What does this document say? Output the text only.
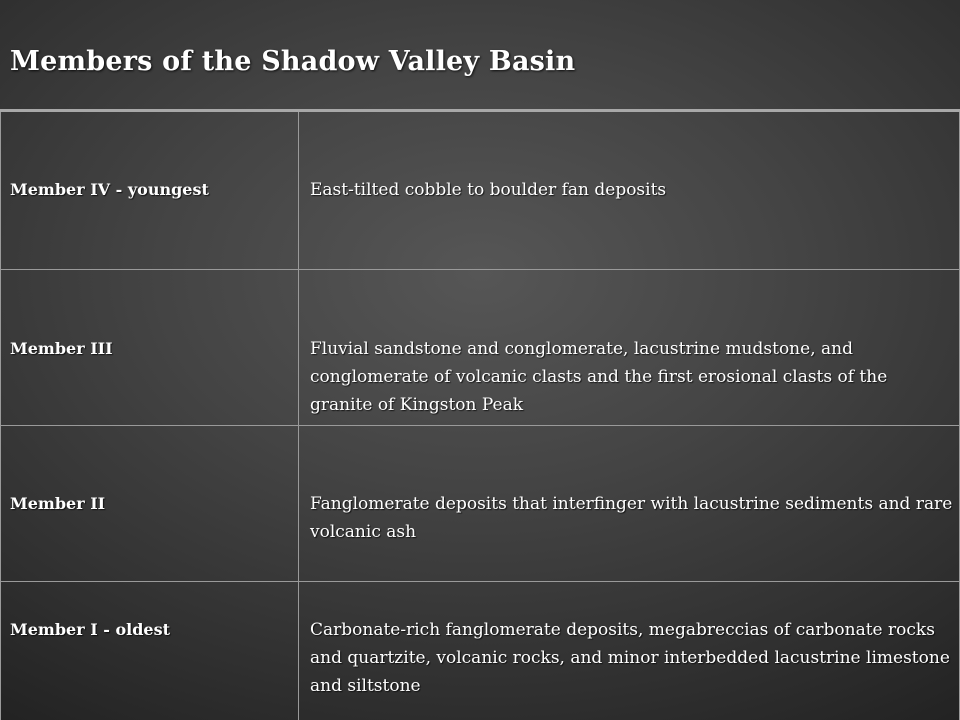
Members of the Shadow Valley Basin
Member IV - youngest	East-tilted cobble to boulder fan deposits
Member III	Fluvial sandstone and conglomerate, lacustrine mudstone, and conglomerate of volcanic clasts and the first erosional clasts of the granite of Kingston Peak
Member II	Fanglomerate deposits that interfinger with lacustrine sediments and rare volcanic ash
Member I - oldest	Carbonate-rich fanglomerate deposits, megabreccias of carbonate rocks and quartzite, volcanic rocks, and minor interbedded lacustrine limestone and siltstone
